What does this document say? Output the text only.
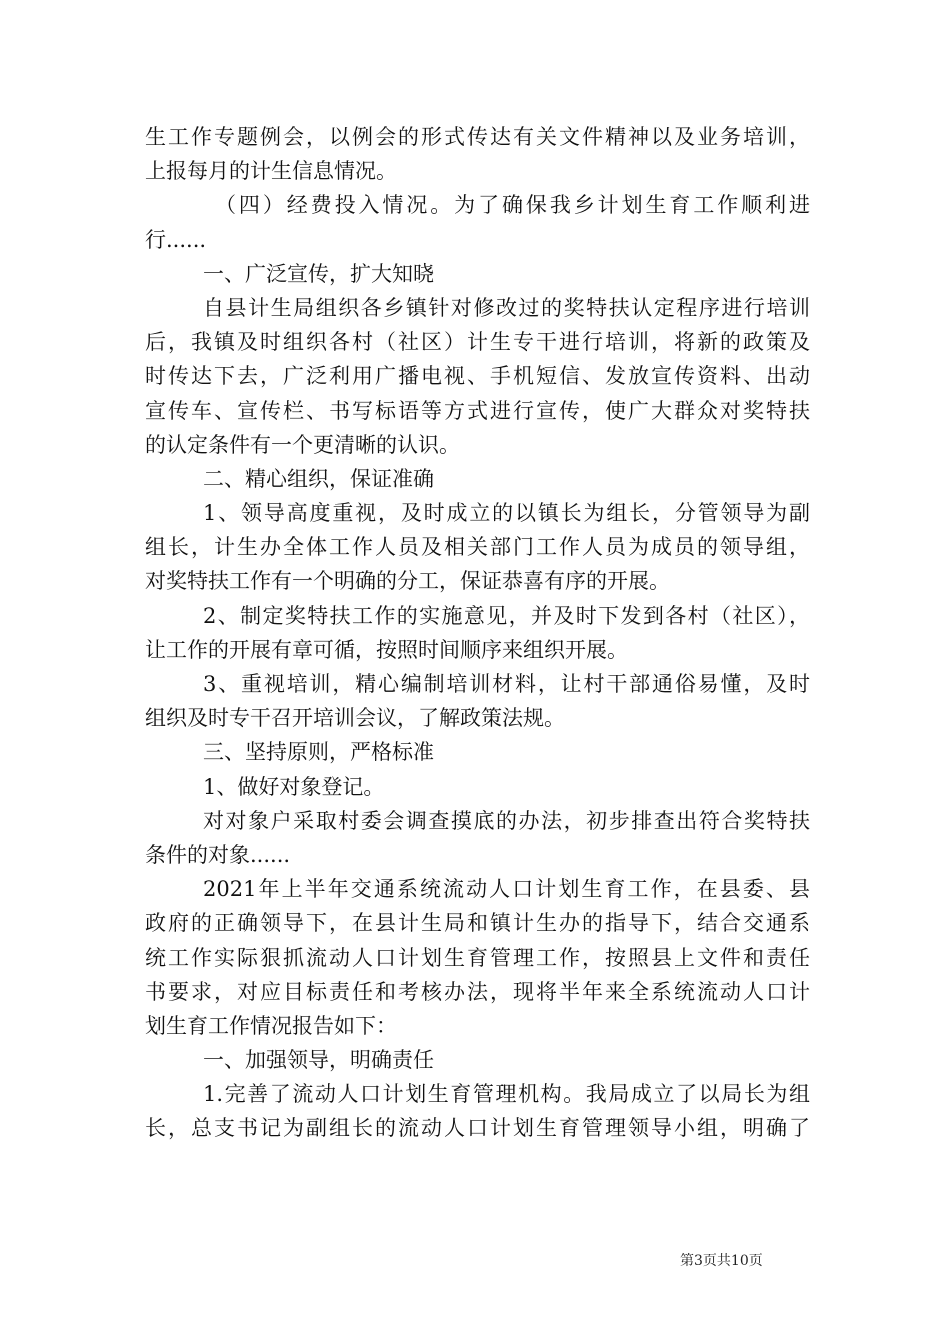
生工作专题例会，以例会的形式传达有关文件精神以及业务培训，
上报每月的计生信息情况。
（四）经费投入情况。为了确保我乡计划生育工作顺利进
行......
一、广泛宣传，扩大知晓
自县计生局组织各乡镇针对修改过的奖特扶认定程序进行培训
后，我镇及时组织各村（社区）计生专干进行培训，将新的政策及
时传达下去，广泛利用广播电视、手机短信、发放宣传资料、出动
宣传车、宣传栏、书写标语等方式进行宣传，使广大群众对奖特扶
的认定条件有一个更清晰的认识。
二、精心组织，保证准确
1、领导高度重视，及时成立的以镇长为组长，分管领导为副
组长，计生办全体工作人员及相关部门工作人员为成员的领导组，
对奖特扶工作有一个明确的分工，保证恭喜有序的开展。
2、制定奖特扶工作的实施意见，并及时下发到各村（社区），
让工作的开展有章可循，按照时间顺序来组织开展。
3、重视培训，精心编制培训材料，让村干部通俗易懂，及时
组织及时专干召开培训会议，了解政策法规。
三、坚持原则，严格标准
1、做好对象登记。
对对象户采取村委会调查摸底的办法，初步排查出符合奖特扶
条件的对象......
2021年上半年交通系统流动人口计划生育工作，在县委、县
政府的正确领导下，在县计生局和镇计生办的指导下，结合交通系
统工作实际狠抓流动人口计划生育管理工作，按照县上文件和责任
书要求，对应目标责任和考核办法，现将半年来全系统流动人口计
划生育工作情况报告如下：
一、加强领导，明确责任
1.完善了流动人口计划生育管理机构。我局成立了以局长为组
长，总支书记为副组长的流动人口计划生育管理领导小组，明确了
第3页共10页
